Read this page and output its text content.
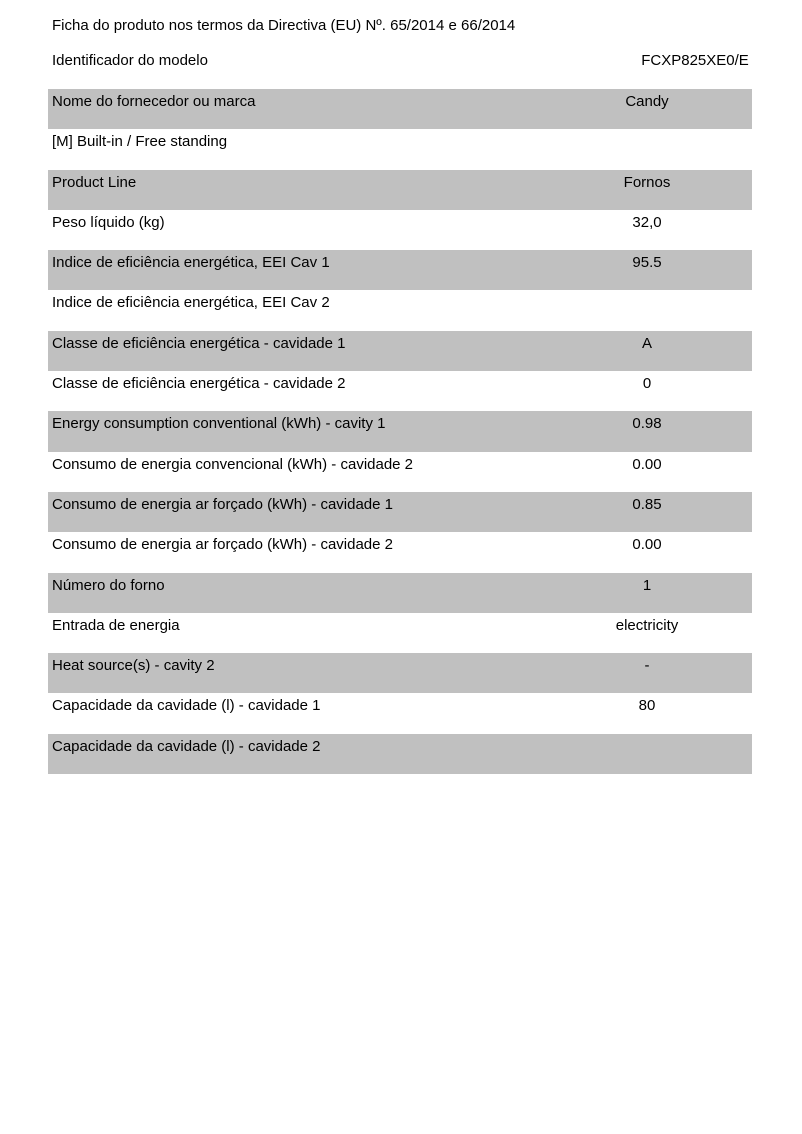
Ficha do produto nos termos da Directiva (EU) Nº. 65/2014 e 66/2014
Identificador do modelo	FCXP825XE0/E
Nome do fornecedor ou marca	Candy
[M] Built-in / Free standing
Product Line	Fornos
Peso líquido (kg)	32,0
Indice de eficiência energética, EEI Cav 1	95.5
Indice de eficiência energética, EEI Cav 2
Classe de eficiência energética - cavidade 1	A
Classe de eficiência energética - cavidade 2	0
Energy consumption conventional (kWh) - cavity 1	0.98
Consumo de energia convencional (kWh) - cavidade 2	0.00
Consumo de energia ar forçado (kWh) - cavidade 1	0.85
Consumo de energia ar forçado (kWh) - cavidade 2	0.00
Número do forno	1
Entrada de energia	electricity
Heat source(s) - cavity 2	-
Capacidade da cavidade (l) - cavidade 1	80
Capacidade da cavidade (l) - cavidade 2
